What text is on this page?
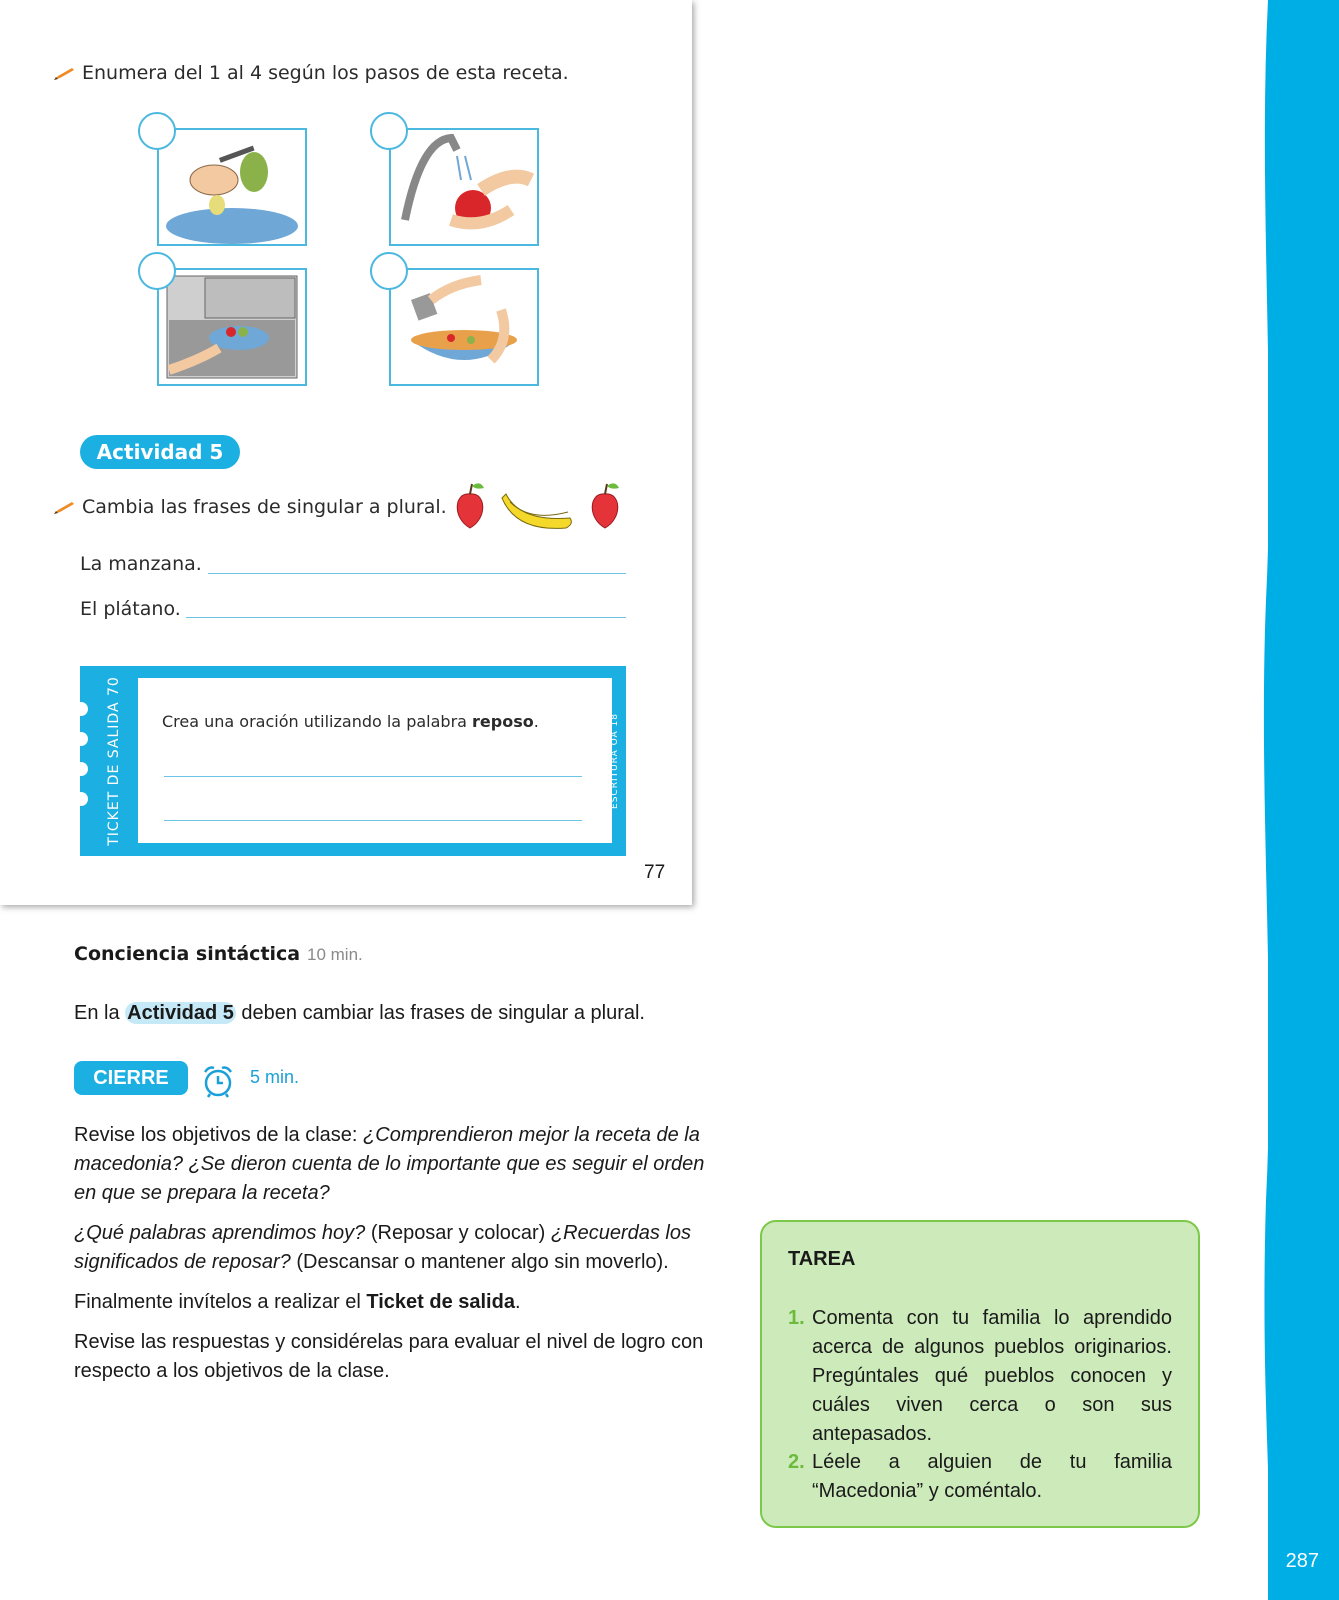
287
Enumera del 1 al 4 según los pasos de esta receta.
Actividad 5
Cambia las frases de singular a plural.
La manzana.
El plátano.
TICKET DE SALIDA 70	Crea una oración utilizando la palabra reposo.	ESCRITURA OA 18
77
Conciencia sintáctica 10 min.
En la Actividad 5 deben cambiar las frases de singular a plural.
CIERRE	5 min.
Revise los objetivos de la clase: ¿Comprendieron mejor la receta de la macedonia? ¿Se dieron cuenta de lo importante que es seguir el orden en que se prepara la receta?
¿Qué palabras aprendimos hoy? (Reposar y colocar) ¿Recuerdas los significados de reposar? (Descansar o mantener algo sin moverlo).
Finalmente invítelos a realizar el Ticket de salida.
Revise las respuestas y considérelas para evaluar el nivel de logro con respecto a los objetivos de la clase.
TAREA
1. Comenta con tu familia lo aprendido acerca de algunos pueblos originarios. Pregúntales qué pueblos conocen y cuáles viven cerca o son sus antepasados.
2. Léele a alguien de tu familia “Macedonia” y coméntalo.
